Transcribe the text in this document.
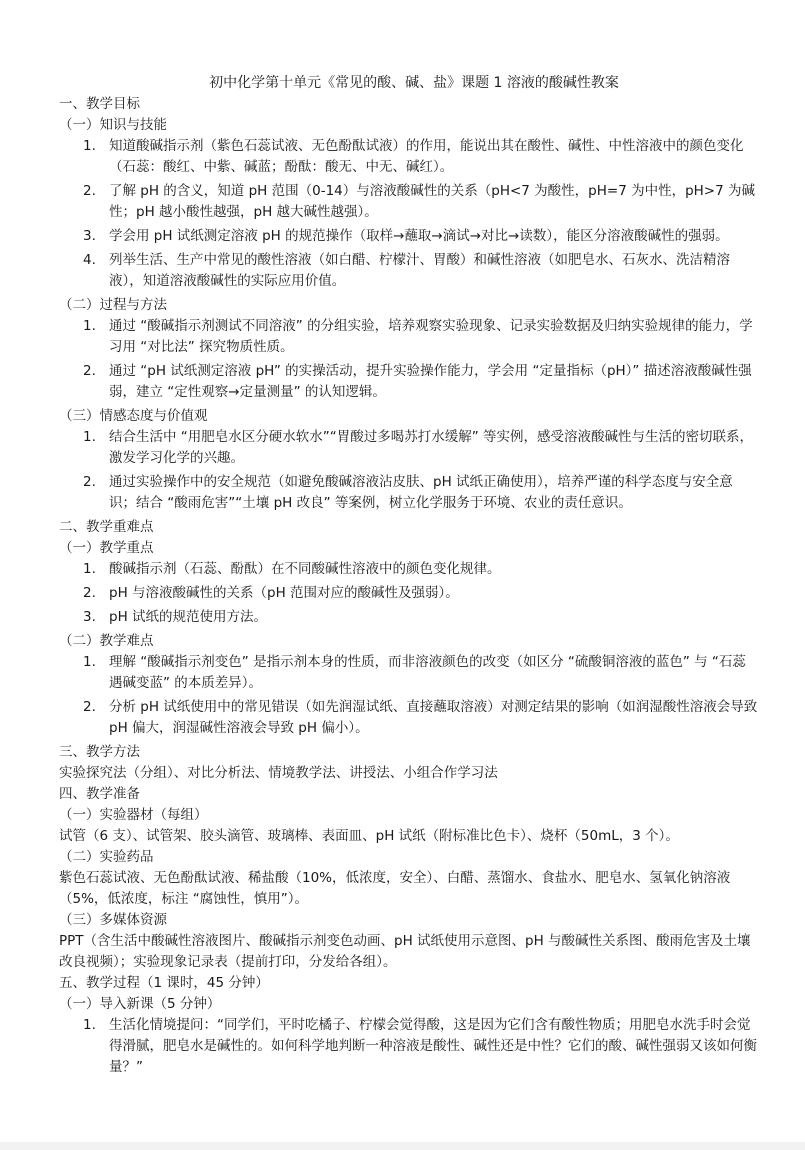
初中化学第十单元《常见的酸、碱、盐》课题 1 溶液的酸碱性教案
一、教学目标
（一）知识与技能
1. 知道酸碱指示剂（紫色石蕊试液、无色酚酞试液）的作用，能说出其在酸性、碱性、中性溶液中的颜色变化（石蕊：酸红、中紫、碱蓝；酚酞：酸无、中无、碱红）。
2. 了解 pH 的含义，知道 pH 范围（0-14）与溶液酸碱性的关系（pH<7 为酸性，pH=7 为中性，pH>7 为碱性；pH 越小酸性越强，pH 越大碱性越强）。
3. 学会用 pH 试纸测定溶液 pH 的规范操作（取样→蘸取→滴试→对比→读数），能区分溶液酸碱性的强弱。
4. 列举生活、生产中常见的酸性溶液（如白醋、柠檬汁、胃酸）和碱性溶液（如肥皂水、石灰水、洗洁精溶液），知道溶液酸碱性的实际应用价值。
（二）过程与方法
1. 通过 “酸碱指示剂测试不同溶液” 的分组实验，培养观察实验现象、记录实验数据及归纳实验规律的能力，学习用 “对比法” 探究物质性质。
2. 通过 “pH 试纸测定溶液 pH” 的实操活动，提升实验操作能力，学会用 “定量指标（pH）” 描述溶液酸碱性强弱，建立 “定性观察→定量测量” 的认知逻辑。
（三）情感态度与价值观
1. 结合生活中 “用肥皂水区分硬水软水”“胃酸过多喝苏打水缓解” 等实例，感受溶液酸碱性与生活的密切联系，激发学习化学的兴趣。
2. 通过实验操作中的安全规范（如避免酸碱溶液沾皮肤、pH 试纸正确使用），培养严谨的科学态度与安全意识；结合 “酸雨危害”“土壤 pH 改良” 等案例，树立化学服务于环境、农业的责任意识。
二、教学重难点
（一）教学重点
1. 酸碱指示剂（石蕊、酚酞）在不同酸碱性溶液中的颜色变化规律。
2. pH 与溶液酸碱性的关系（pH 范围对应的酸碱性及强弱）。
3. pH 试纸的规范使用方法。
（二）教学难点
1. 理解 “酸碱指示剂变色” 是指示剂本身的性质，而非溶液颜色的改变（如区分 “硫酸铜溶液的蓝色” 与 “石蕊遇碱变蓝” 的本质差异）。
2. 分析 pH 试纸使用中的常见错误（如先润湿试纸、直接蘸取溶液）对测定结果的影响（如润湿酸性溶液会导致 pH 偏大，润湿碱性溶液会导致 pH 偏小）。
三、教学方法
实验探究法（分组）、对比分析法、情境教学法、讲授法、小组合作学习法
四、教学准备
（一）实验器材（每组）
试管（6 支）、试管架、胶头滴管、玻璃棒、表面皿、pH 试纸（附标准比色卡）、烧杯（50mL，3 个）。
（二）实验药品
紫色石蕊试液、无色酚酞试液、稀盐酸（10%，低浓度，安全）、白醋、蒸馏水、食盐水、肥皂水、氢氧化钠溶液（5%，低浓度，标注 “腐蚀性，慎用”）。
（三）多媒体资源
PPT（含生活中酸碱性溶液图片、酸碱指示剂变色动画、pH 试纸使用示意图、pH 与酸碱性关系图、酸雨危害及土壤改良视频）；实验现象记录表（提前打印，分发给各组）。
五、教学过程（1 课时，45 分钟）
（一）导入新课（5 分钟）
1. 生活化情境提问：“同学们，平时吃橘子、柠檬会觉得酸，这是因为它们含有酸性物质；用肥皂水洗手时会觉得滑腻，肥皂水是碱性的。如何科学地判断一种溶液是酸性、碱性还是中性？它们的酸、碱性强弱又该如何衡量？”
